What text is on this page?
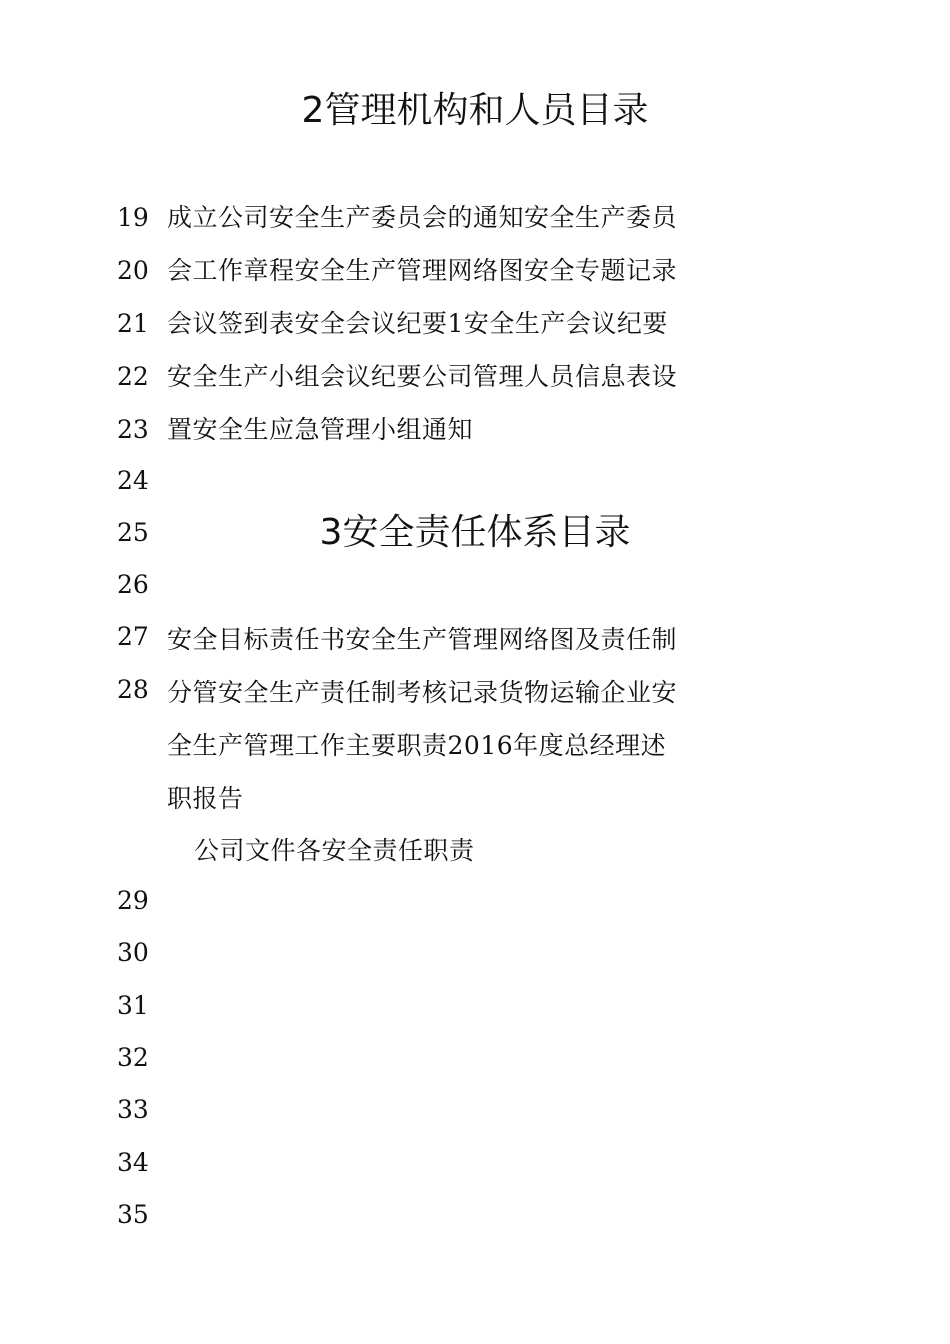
2管理机构和人员目录
成立公司安全生产委员会的通知安全生产委员
会工作章程安全生产管理网络图安全专题记录
会议签到表安全会议纪要1安全生产会议纪要
安全生产小组会议纪要公司管理人员信息表设
置安全生应急管理小组通知
3安全责任体系目录
安全目标责任书安全生产管理网络图及责任制
分管安全生产责任制考核记录货物运输企业安
全生产管理工作主要职责2016年度总经理述
职报告
公司文件各安全责任职责
19
20
21
22
23
24
25
26
27
28
29
30
31
32
33
34
35
